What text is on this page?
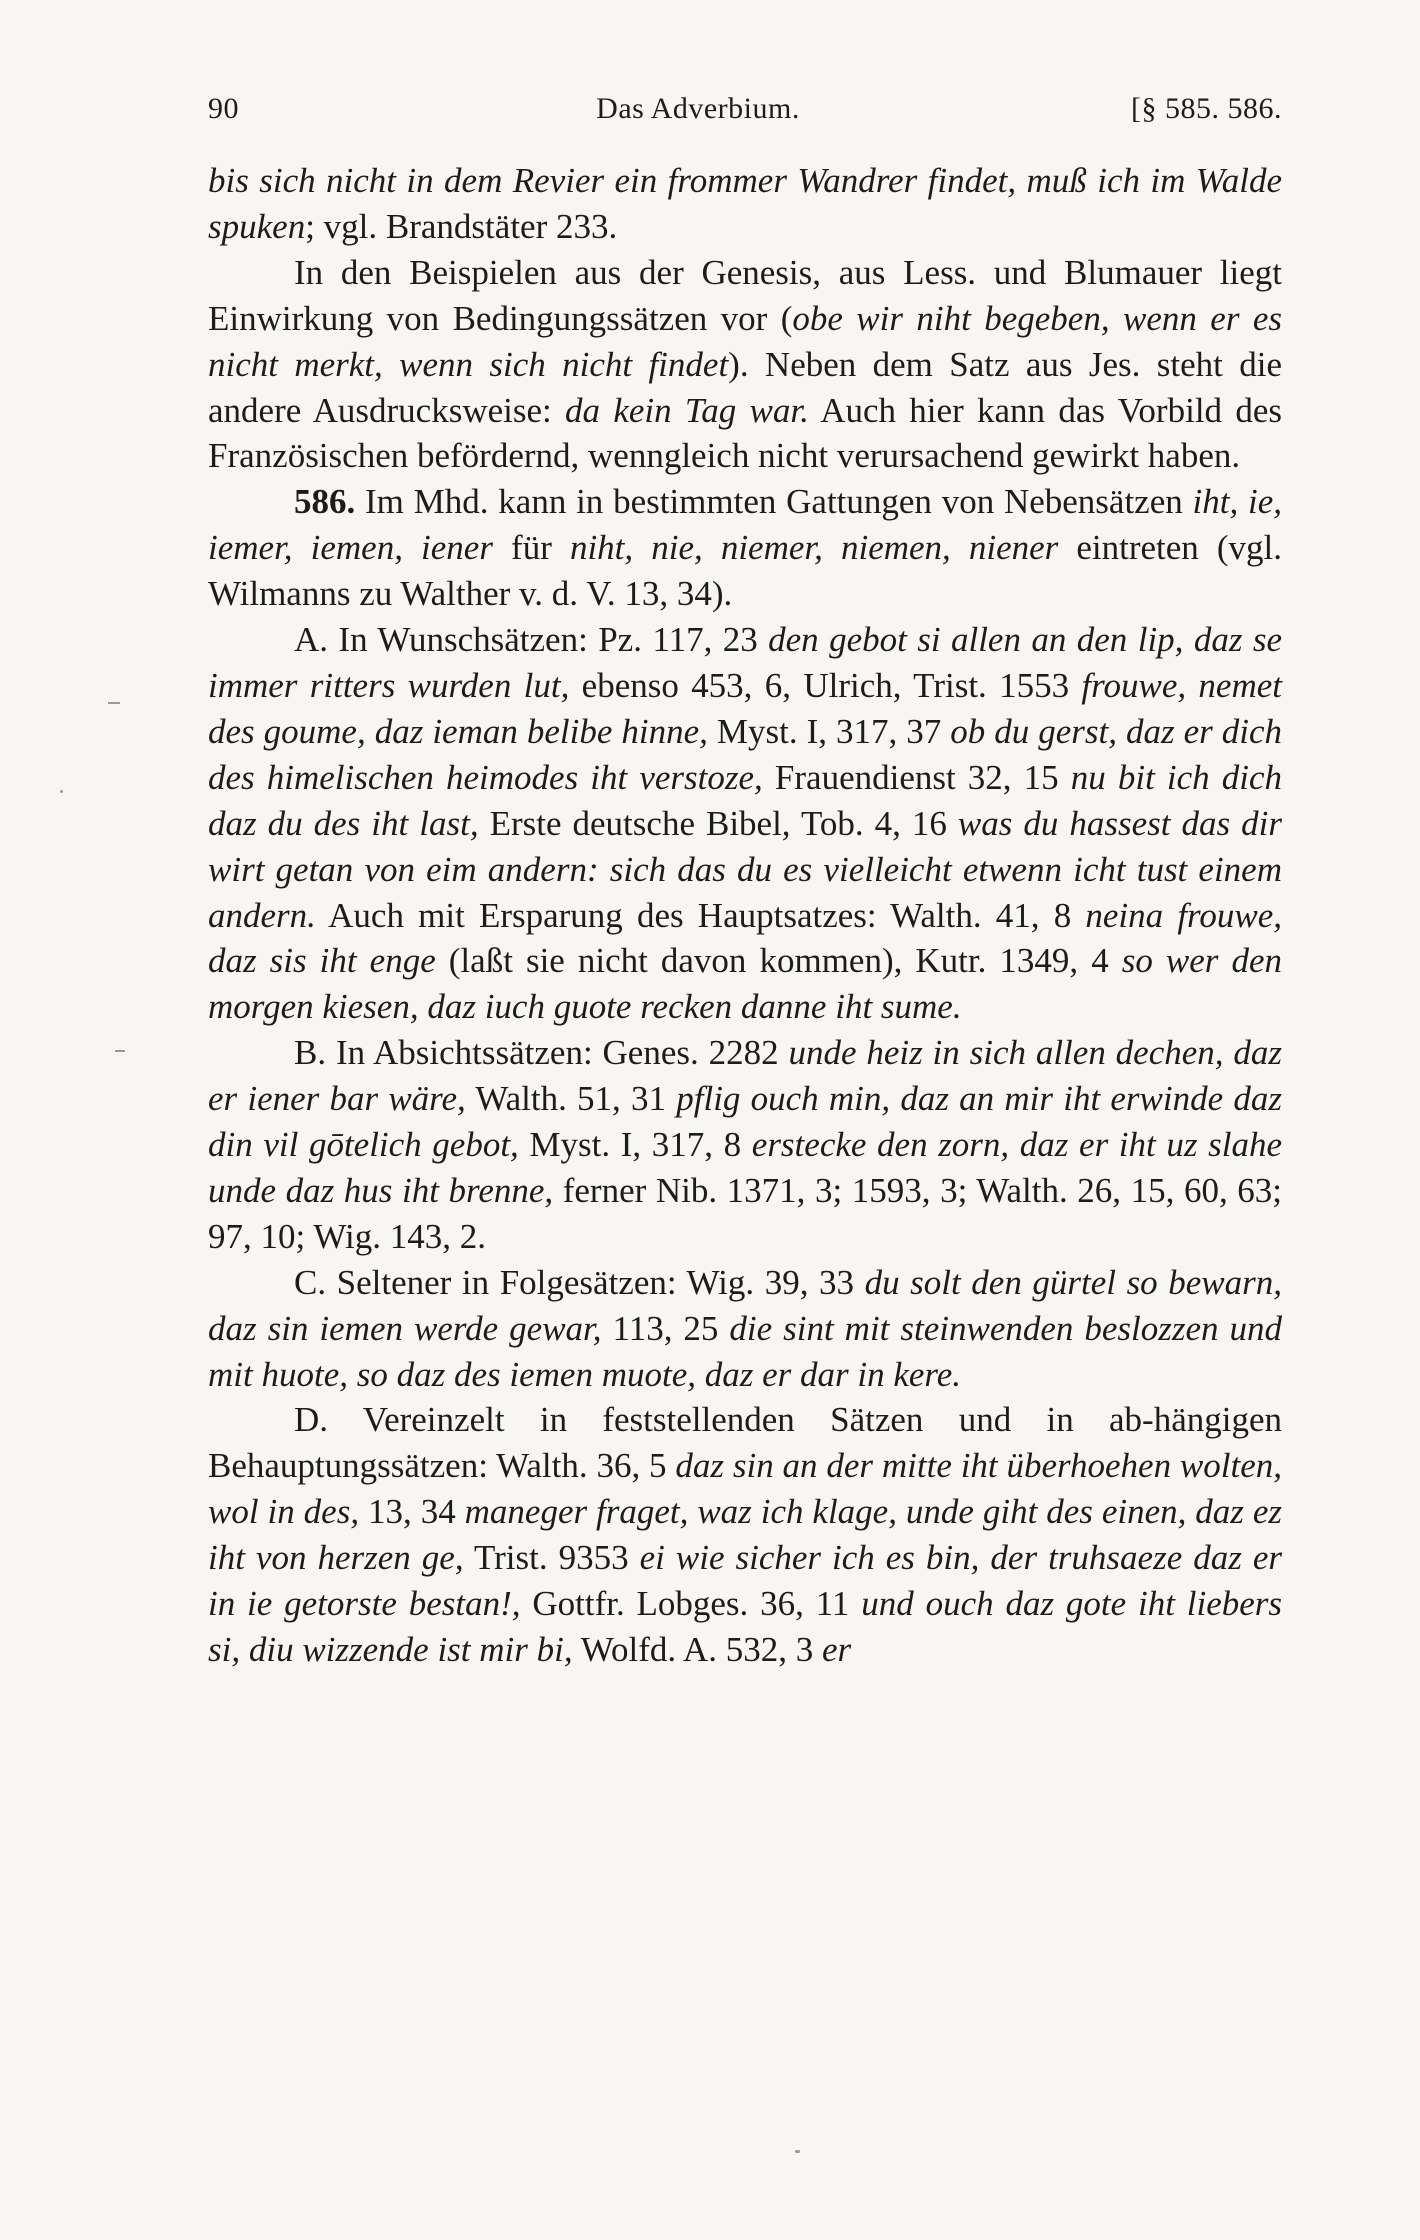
90	Das Adverbium.	[§ 585. 586.

bis sich nicht in dem Revier ein frommer Wandrer findet, muß ich im Walde spuken; vgl. Brandstäter 233.

In den Beispielen aus der Genesis, aus Less. und Blumauer liegt Einwirkung von Bedingungssätzen vor (obe wir niht begeben, wenn er es nicht merkt, wenn sich nicht findet). Neben dem Satz aus Jes. steht die andere Ausdrucksweise: da kein Tag war. Auch hier kann das Vorbild des Französischen befördernd, wenngleich nicht verursachend gewirkt haben.

586. Im Mhd. kann in bestimmten Gattungen von Nebensätzen iht, ie, iemer, iemen, iener für niht, nie, niemer, niemen, niener eintreten (vgl. Wilmanns zu Walther v. d. V. 13, 34).

A. In Wunschsätzen: Pz. 117, 23 den gebot si allen an den lip, daz se immer ritters wurden lut, ebenso 453, 6, Ulrich, Trist. 1553 frouwe, nemet des goume, daz ieman belibe hinne, Myst. I, 317, 37 ob du gerst, daz er dich des himelischen heimodes iht verstoze, Frauendienst 32, 15 nu bit ich dich daz du des iht last, Erste deutsche Bibel, Tob. 4, 16 was du hassest das dir wirt getan von eim andern: sich das du es vielleicht etwenn icht tust einem andern. Auch mit Ersparung des Hauptsatzes: Walth. 41, 8 neina frouwe, daz sis iht enge (laßt sie nicht davon kommen), Kutr. 1349, 4 so wer den morgen kiesen, daz iuch guote recken danne iht sume.

B. In Absichtssätzen: Genes. 2282 unde heiz in sich allen dechen, daz er iener bar wäre, Walth. 51, 31 pflig ouch min, daz an mir iht erwinde daz din vil gōtelich gebot, Myst. I, 317, 8 erstecke den zorn, daz er iht uz slahe unde daz hus iht brenne, ferner Nib. 1371, 3; 1593, 3; Walth. 26, 15, 60, 63; 97, 10; Wig. 143, 2.

C. Seltener in Folgesätzen: Wig. 39, 33 du solt den gürtel so bewarn, daz sin iemen werde gewar, 113, 25 die sint mit steinwenden beslozzen und mit huote, so daz des iemen muote, daz er dar in kere.

D. Vereinzelt in feststellenden Sätzen und in ab-hängigen Behauptungssätzen: Walth. 36, 5 daz sin an der mitte iht überhoehen wolten, wol in des, 13, 34 maneger fraget, waz ich klage, unde giht des einen, daz ez iht von herzen ge, Trist. 9353 ei wie sicher ich es bin, der truhsaeze daz er in ie getorste bestan!, Gottfr. Lobges. 36, 11 und ouch daz gote iht liebers si, diu wizzende ist mir bi, Wolfd. A. 532, 3 er
